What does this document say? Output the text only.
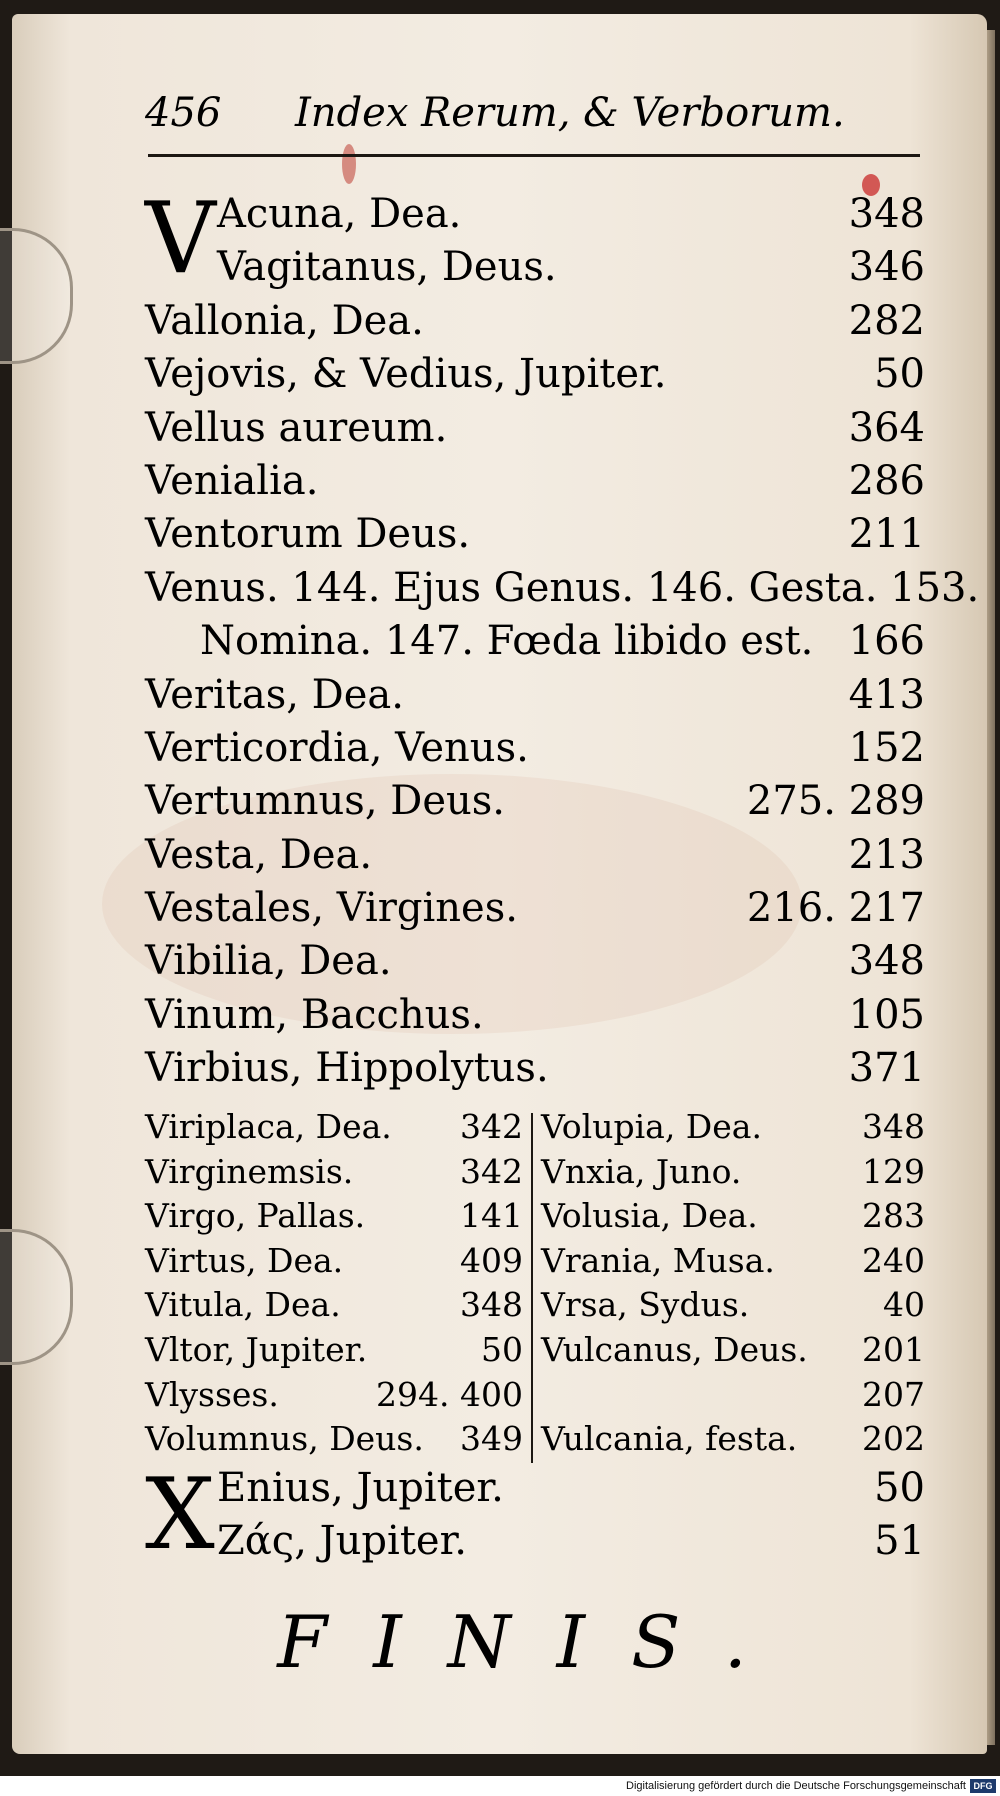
456 Index Rerum, & Verborum.
V Acuna, Dea.	348
Vagitanus, Deus.	346
Vallonia, Dea.	282
Vejovis, & Vedius, Jupiter.	50
Vellus aureum.	364
Venialia.	286
Ventorum Deus.	211
Venus. 144. Ejus Genus. 146. Gesta. 153.
Nomina. 147. Fœda libido est. 166
Veritas, Dea.	413
Verticordia, Venus.	152
Vertumnus, Deus.	275. 289
Vesta, Dea.	213
Vestales, Virgines.	216. 217
Vibilia, Dea.	348
Vinum, Bacchus.	105
Virbius, Hippolytus.	371
Viriplaca, Dea. 342
Virginemsis.	342
Virgo, Pallas.	141
Virtus, Dea.	409
Vitula, Dea.	348
Vltor, Jupiter.	50
Vlysses.	294. 400
Volumnus, Deus. 349
Volupia, Dea.	348
Vnxia, Juno.	129
Volusia, Dea.	283
Vrania, Musa.	240
Vrsa, Sydus.	40
Vulcanus, Deus. 201
207
Vulcania, festa. 202
X Enius, Jupiter.	50
Ζάς, Jupiter.	51
FINIS.
Digitalisierung gefördert durch die Deutsche Forschungsgemeinschaft DFG
